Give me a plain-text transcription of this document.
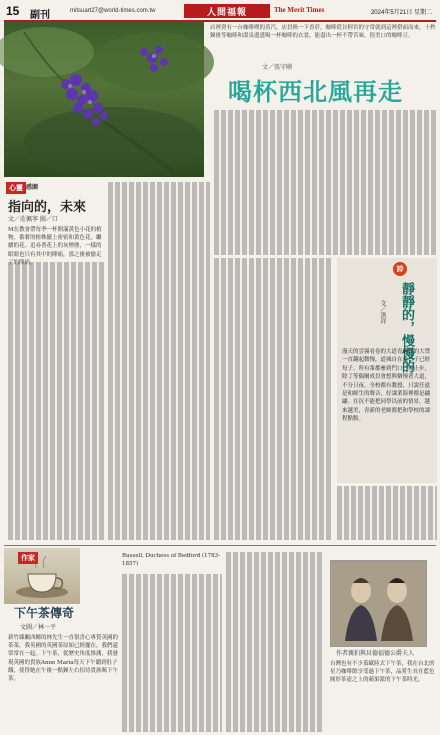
15 副刊	mitsuart27@world-times.com.tw	人間福報	The Merit Times	2024年5月21日 星期二
店裡賣有一台咖啡喫的蒸汽，店員換一下香菸，咖啡從谷阿宮的守常就到這裡搭面而來，十秒鐘後等咖啡和溫泉邊盛喝一杯咖啡的衣裳，能盡出一杯不帶苦味，很美口的咖啡豆。
文／張守剛
喝杯西北風再走
心靈 感園
指向的，未來
文／莊佩寧 圖／口
M在教會帶每季一杯開滿黃色小花的植物。番薯的植株擺上密密和黃色花，繼續的花。追尋著花上的灰煙塵，一樣的眼睛也只有其中的陣痛，那之後被偷走了的陣痛。
詩
靜靜的，慢慢的
文／洪祥
漫天的雲霧看卷的大道青港刊的大禁一直翻起微慢，道城自在過日子已經每子。所有輩都參到門口一律止步，除了等偶爾成員會想與個慢著大道，不分日夜。全校都有教授，只說任遠是和師生的聲音，好課業海裡都是翩翩。在沉不能把同學以前的情景，越來越美，青新的老師都把和學校的課程點點。
作家
下午茶傳奇
文圖／林一平
新竹縣關西鄉的林先生一直很喜心專賞英國的茶菜，我英國的英國茶原始已經擺在，我們還常常在一起。下午茶，從歷史角度推測，我發現英國的貴族Anne Maria每天下午聽到肚子餓，使得她在午後一點鐘左右招待貴族喝下午茶。
Russell, Duchess of Bedford (1783-1857)
作者親拍與貝德福德公爵夫人
台灣也有不少蓋歐陸式下午茶，我在台北的星乃咖啡館享受過下午茶，品嘗生長在藍色圓形茶壺之上的蘋果派的下午茶時光。
